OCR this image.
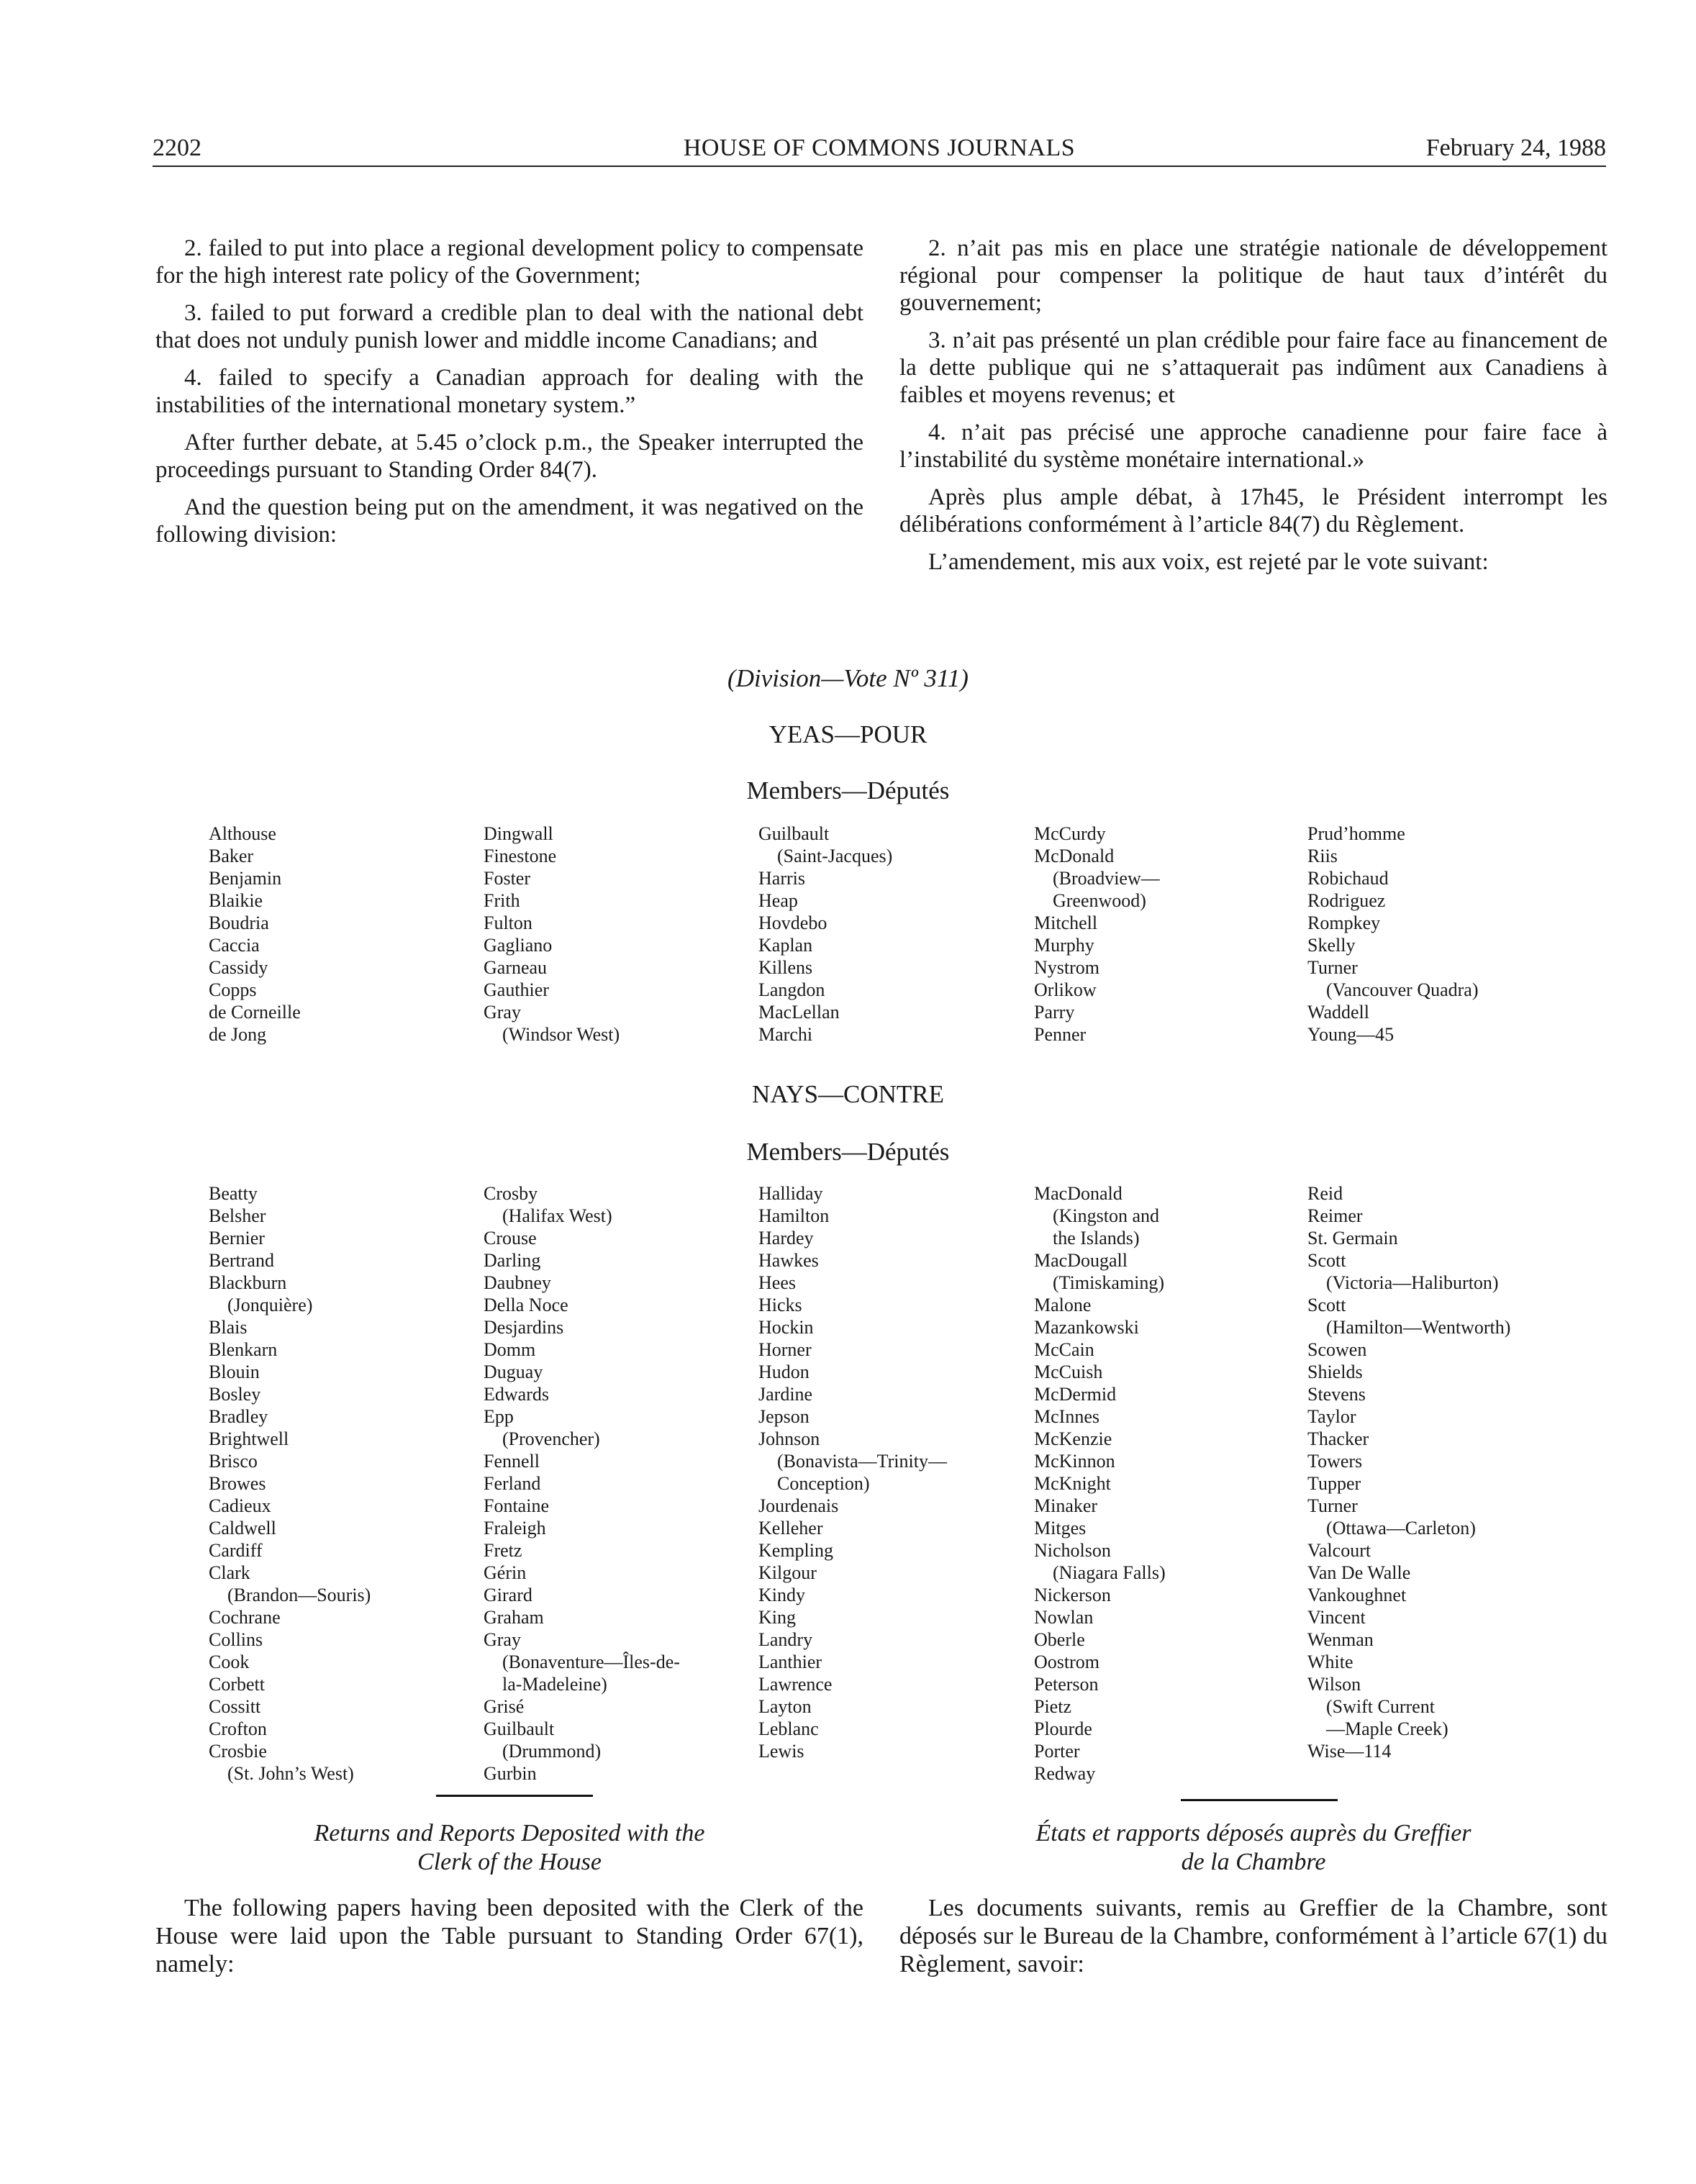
2202	HOUSE OF COMMONS JOURNALS	February 24, 1988

2. failed to put into place a regional development policy to compensate for the high interest rate policy of the Government;

3. failed to put forward a credible plan to deal with the national debt that does not unduly punish lower and middle income Canadians; and

4. failed to specify a Canadian approach for dealing with the instabilities of the international monetary system.”

After further debate, at 5.45 o’clock p.m., the Speaker interrupted the proceedings pursuant to Standing Order 84(7).

And the question being put on the amendment, it was negatived on the following division:

2. n’ait pas mis en place une stratégie nationale de développement régional pour compenser la politique de haut taux d’intérêt du gouvernement;

3. n’ait pas présenté un plan crédible pour faire face au financement de la dette publique qui ne s’attaquerait pas indûment aux Canadiens à faibles et moyens revenus; et

4. n’ait pas précisé une approche canadienne pour faire face à l’instabilité du système monétaire international.»

Après plus ample débat, à 17h45, le Président interrompt les délibérations conformément à l’article 84(7) du Règlement.

L’amendement, mis aux voix, est rejeté par le vote suivant:

(Division—Vote Nº 311)
YEAS—POUR
Members—Députés
Althouse
Baker
Benjamin
Blaikie
Boudria
Caccia
Cassidy
Copps
de Corneille
de Jong
Dingwall
Finestone
Foster
Frith
Fulton
Gagliano
Garneau
Gauthier
Gray
(Windsor West)
Guilbault
(Saint-Jacques)
Harris
Heap
Hovdebo
Kaplan
Killens
Langdon
MacLellan
Marchi
McCurdy
McDonald
(Broadview—
Greenwood)
Mitchell
Murphy
Nystrom
Orlikow
Parry
Penner
Prud’homme
Riis
Robichaud
Rodriguez
Rompkey
Skelly
Turner
(Vancouver Quadra)
Waddell
Young—45
NAYS—CONTRE
Members—Députés
Beatty
Belsher
Bernier
Bertrand
Blackburn
(Jonquière)
Blais
Blenkarn
Blouin
Bosley
Bradley
Brightwell
Brisco
Browes
Cadieux
Caldwell
Cardiff
Clark
(Brandon—Souris)
Cochrane
Collins
Cook
Corbett
Cossitt
Crofton
Crosbie
(St. John’s West)
Crosby
(Halifax West)
Crouse
Darling
Daubney
Della Noce
Desjardins
Domm
Duguay
Edwards
Epp
(Provencher)
Fennell
Ferland
Fontaine
Fraleigh
Fretz
Gérin
Girard
Graham
Gray
(Bonaventure—Îles-de-
la-Madeleine)
Grisé
Guilbault
(Drummond)
Gurbin
Halliday
Hamilton
Hardey
Hawkes
Hees
Hicks
Hockin
Horner
Hudon
Jardine
Jepson
Johnson
(Bonavista—Trinity—
Conception)
Jourdenais
Kelleher
Kempling
Kilgour
Kindy
King
Landry
Lanthier
Lawrence
Layton
Leblanc
Lewis
MacDonald
(Kingston and
the Islands)
MacDougall
(Timiskaming)
Malone
Mazankowski
McCain
McCuish
McDermid
McInnes
McKenzie
McKinnon
McKnight
Minaker
Mitges
Nicholson
(Niagara Falls)
Nickerson
Nowlan
Oberle
Oostrom
Peterson
Pietz
Plourde
Porter
Redway
Reid
Reimer
St. Germain
Scott
(Victoria—Haliburton)
Scott
(Hamilton—Wentworth)
Scowen
Shields
Stevens
Taylor
Thacker
Towers
Tupper
Turner
(Ottawa—Carleton)
Valcourt
Van De Walle
Vankoughnet
Vincent
Wenman
White
Wilson
(Swift Current
—Maple Creek)
Wise—114
Returns and Reports Deposited with the
Clerk of the House
États et rapports déposés auprès du Greffier
de la Chambre

The following papers having been deposited with the Clerk of the House were laid upon the Table pursuant to Standing Order 67(1), namely:

Les documents suivants, remis au Greffier de la Chambre, sont déposés sur le Bureau de la Chambre, conformément à l’article 67(1) du Règlement, savoir:
